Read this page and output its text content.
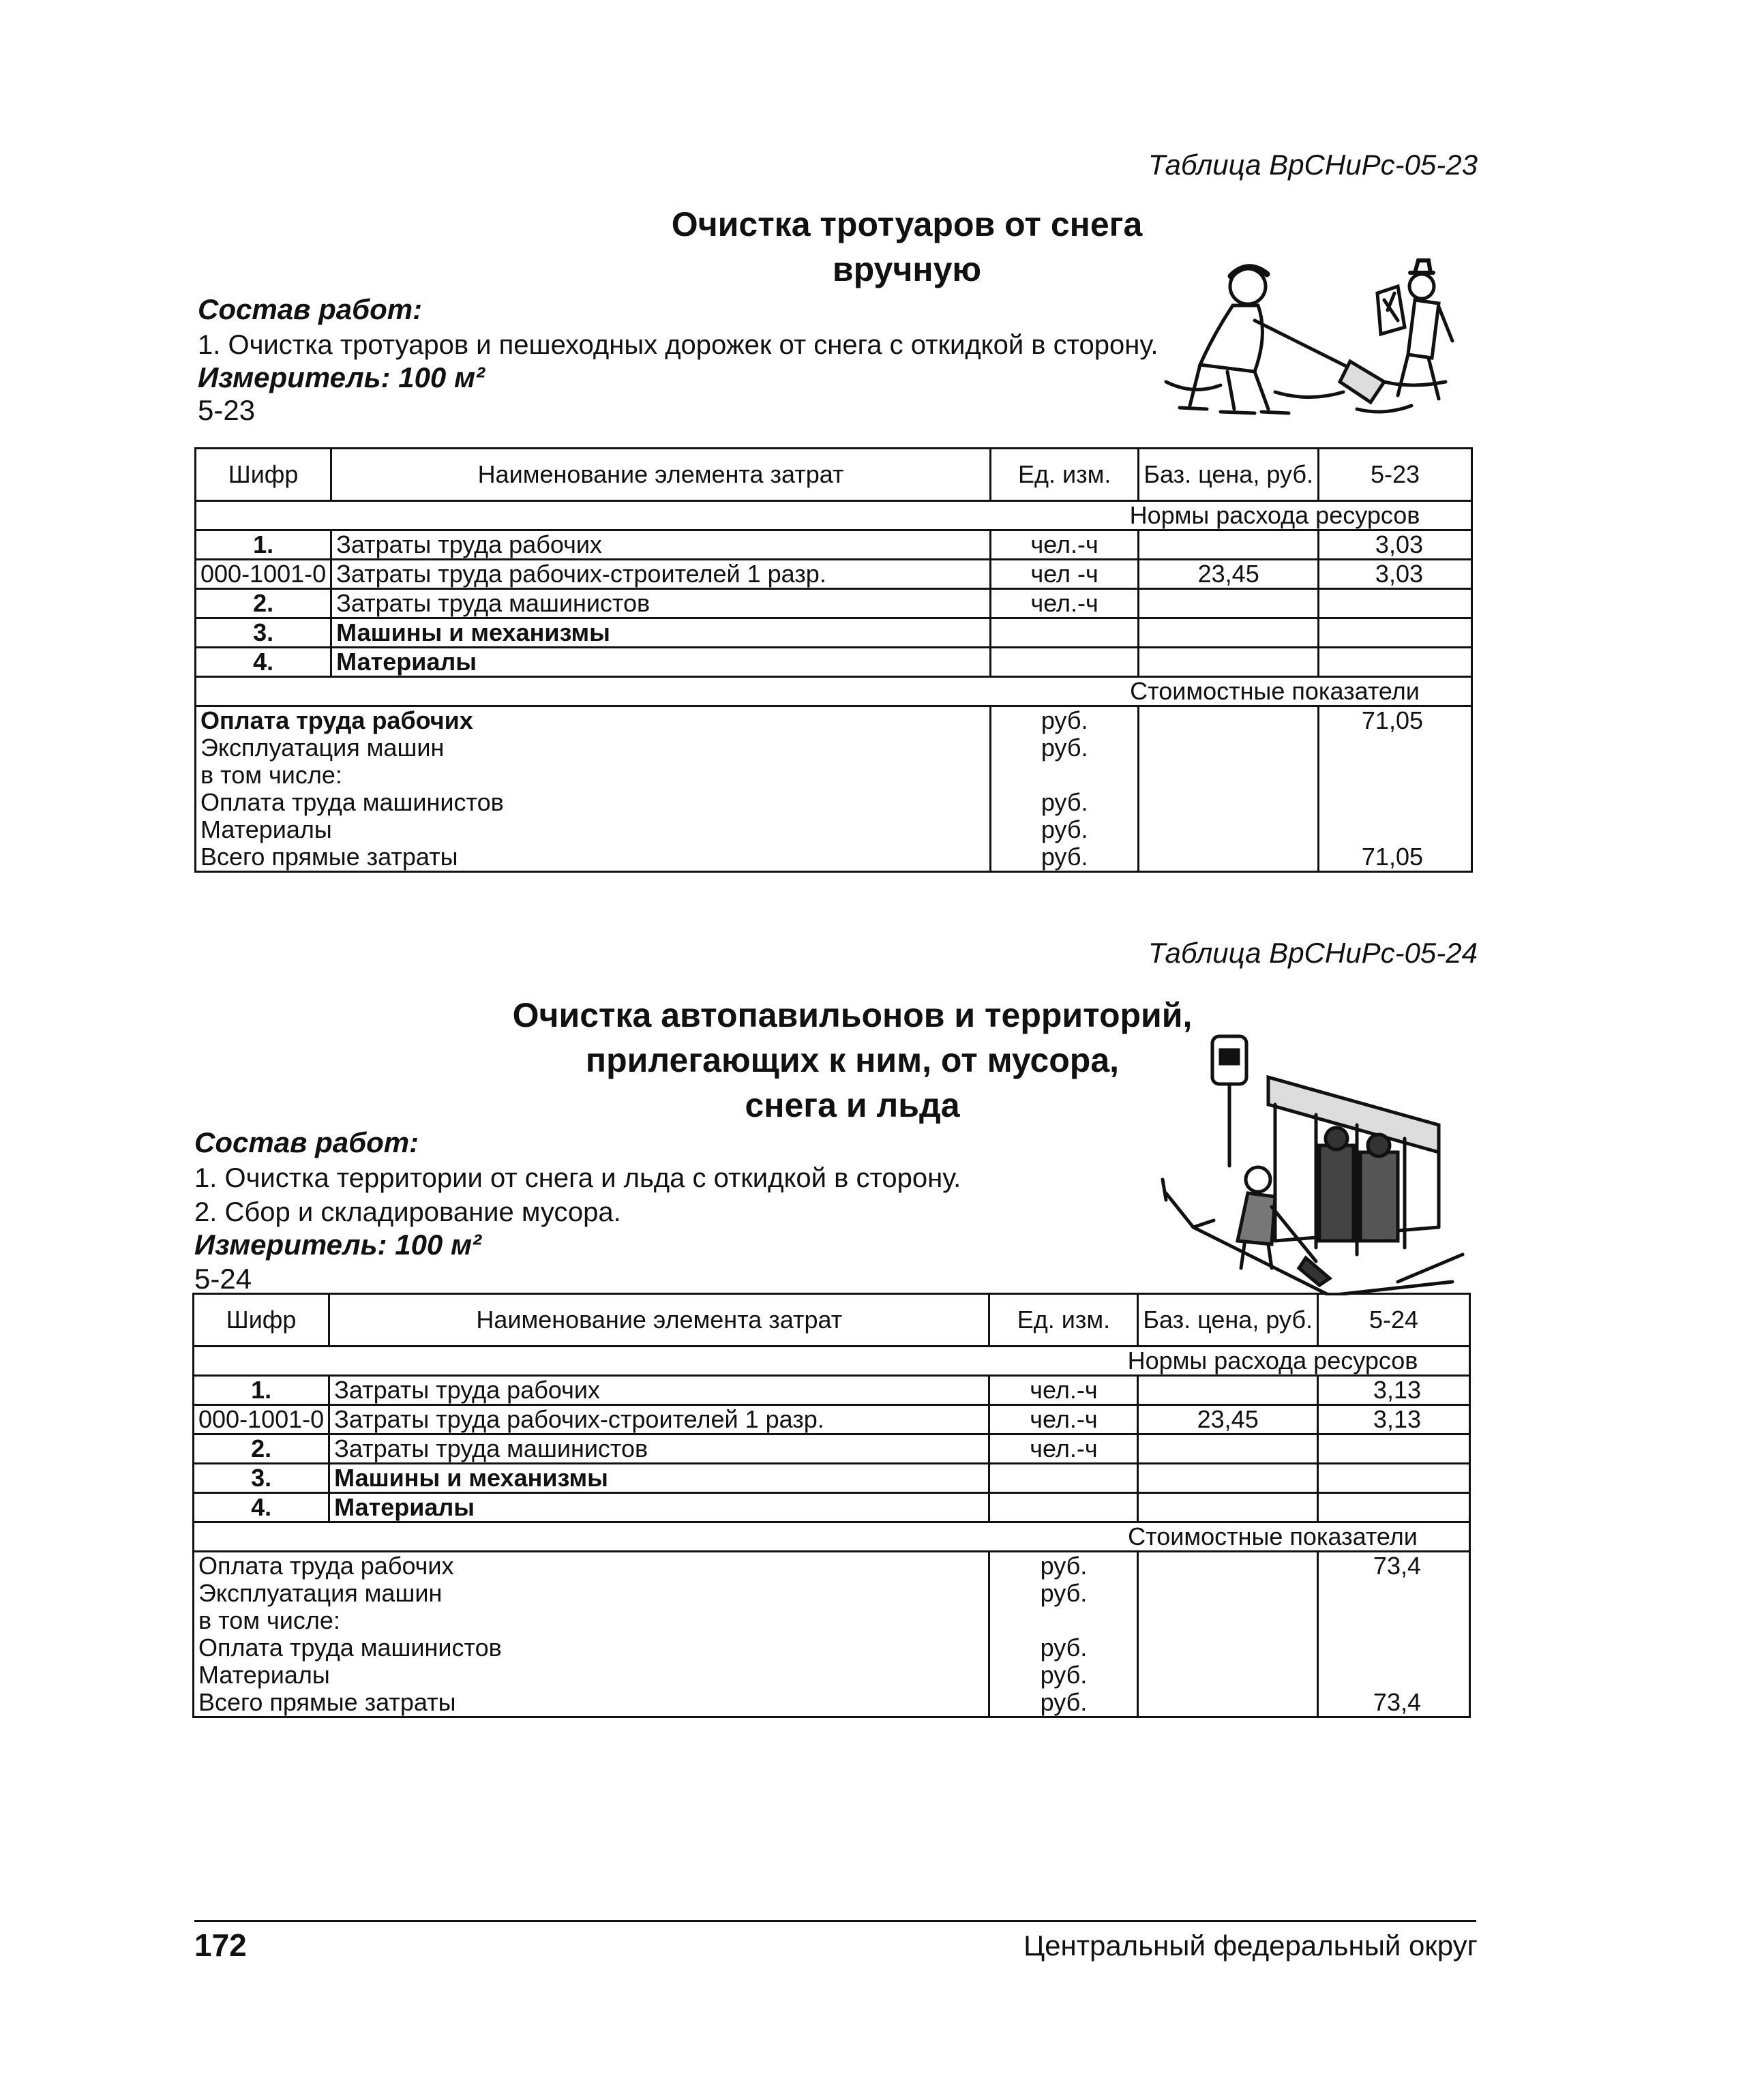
Таблица ВрСНиРс-05-23
Очистка тротуаров от снега
вручную
Состав работ:
1. Очистка тротуаров и пешеходных дорожек от снега с откидкой в сторону.
Измеритель: 100 м²
5-23
Шифр	Наименование элемента затрат	Ед. изм.	Баз. цена, руб.	5-23
Нормы расхода ресурсов				
1.	Затраты труда рабочих	чел.-ч		3,03
000-1001-0	Затраты труда рабочих-строителей 1 разр.	чел -ч	23,45	3,03
2.	Затраты труда машинистов	чел.-ч		
3.	Машины и механизмы			
4.	Материалы			
Стоимостные показатели				
Оплата труда рабочих		руб.		71,05
Эксплуатация машин		руб.		
в том числе:				
Оплата труда машинистов		руб.		
Материалы		руб.		
Всего прямые затраты		руб.		71,05
Таблица ВрСНиРс-05-24
Очистка автопавильонов и территорий,
прилегающих к ним, от мусора,
снега и льда
Состав работ:
1. Очистка территории от снега и льда с откидкой в сторону.
2. Сбор и складирование мусора.
Измеритель: 100 м²
5-24
Шифр	Наименование элемента затрат	Ед. изм.	Баз. цена, руб.	5-24
Нормы расхода ресурсов				
1.	Затраты труда рабочих	чел.-ч		3,13
000-1001-0	Затраты труда рабочих-строителей 1 разр.	чел.-ч	23,45	3,13
2.	Затраты труда машинистов	чел.-ч		
3.	Машины и механизмы			
4.	Материалы			
Стоимостные показатели				
Оплата труда рабочих		руб.		73,4
Эксплуатация машин		руб.		
в том числе:				
Оплата труда машинистов		руб.		
Материалы		руб.		
Всего прямые затраты		руб.		73,4
172	Центральный федеральный округ
